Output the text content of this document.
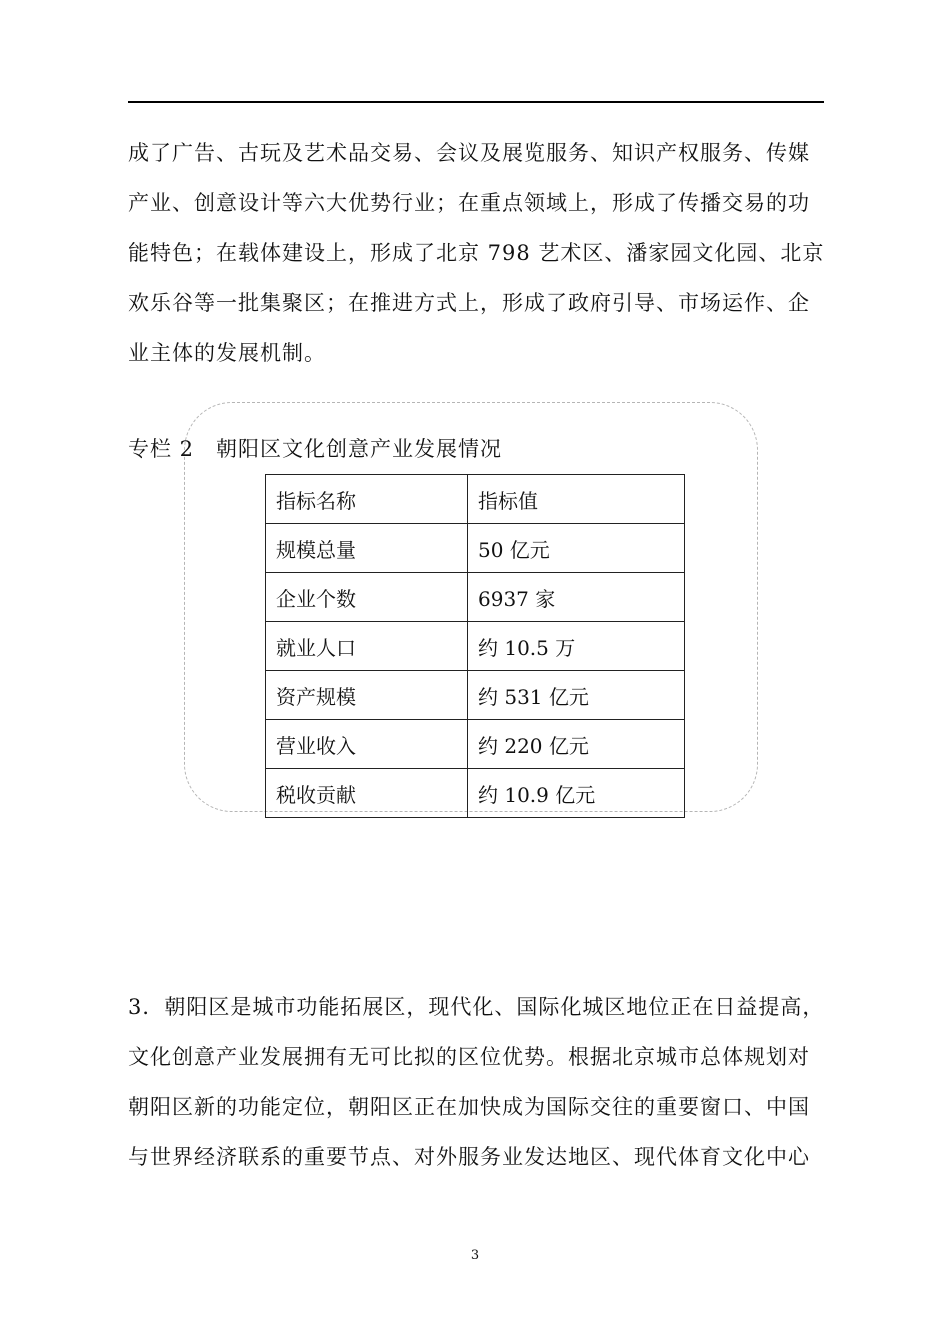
成了广告、古玩及艺术品交易、会议及展览服务、知识产权服务、传媒

产业、创意设计等六大优势行业；在重点领域上，形成了传播交易的功

能特色；在载体建设上，形成了北京 798 艺术区、潘家园文化园、北京

欢乐谷等一批集聚区；在推进方式上，形成了政府引导、市场运作、企

业主体的发展机制。

专栏 2 朝阳区文化创意产业发展情况
指标名称	指标值
规模总量	50 亿元
企业个数	6937 家
就业人口	约 10.5 万
资产规模	约 531 亿元
营业收入	约 220 亿元
税收贡献	约 10.9 亿元

3．朝阳区是城市功能拓展区，现代化、国际化城区地位正在日益提高，

文化创意产业发展拥有无可比拟的区位优势。根据北京城市总体规划对

朝阳区新的功能定位，朝阳区正在加快成为国际交往的重要窗口、中国

与世界经济联系的重要节点、对外服务业发达地区、现代体育文化中心

3
